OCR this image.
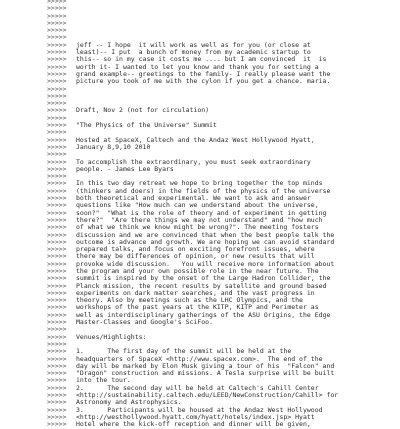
>>>>>
>>>>>
>>>>>
>>>>>
>>>>>
>>>>>
>>>>> jeff -- I hope  it will work as well as for you (or close at
>>>>> least)-- I put  a bunch of money from my academic startup to
>>>>> this-- so in my case it costs me .... but I am convinced  it  is
>>>>> worth it- I wanted to let you know and thank you for setting a
>>>>> grand example-- greetings to the family- I really please want the
>>>>> picture you took of me with the cylon if you get a chance. maria.
>>>>>
>>>>>
>>>>>
>>>>> Draft, Nov 2 (not for circulation)
>>>>>
>>>>> "The Physics of the Universe" Summit
>>>>>
>>>>> Hosted at SpaceX, Caltech and the Andaz West Hollywood Hyatt,
>>>>> January 8,9,10 2010
>>>>>
>>>>> To accomplish the extraordinary, you must seek extraordinary
>>>>> people. - James Lee Byars
>>>>>
>>>>> In this two day retreat we hope to bring together the top minds
>>>>> (thinkers and doers) in the fields of the physics of the universe
>>>>> both theoretical and experimental. We want to ask and answer
>>>>> questions like "How much can we understand about the universe,
>>>>> soon?"  "What is the role of theory and of experiment in getting
>>>>> there?"  "Are there things we may not understand" and "how much
>>>>> of what we think we know might be wrong?". The meeting fosters
>>>>> discussion and we are convinced that when the best people talk the
>>>>> outcome is advance and growth. We are hoping we can avoid standard
>>>>> prepared talks, and focus on exciting forefront issues, where
>>>>> there may be differences of opinion, or new results that will
>>>>> provoke wide discussion.   You will receive more information about
>>>>> the program and your own possible role in the near future. The
>>>>> summit is inspired by the onset of the Large Hadron Collider, the
>>>>> Planck mission, the recent results by satellite and ground based
>>>>> experiments on dark matter searches, and the vast progress in
>>>>> theory. Also by meetings such as the LHC Olympics, and the
>>>>> workshops of the past years at the KITP, KITP and Perimeter as
>>>>> well as interdisciplinary gatherings of the ASU Origins, the Edge
>>>>> Master-Classes and Google's SciFoo.
>>>>>
>>>>> Venues/Highlights:
>>>>>
>>>>> 1.      The first day of the summit will be held at the
>>>>> headquarters of SpaceX <http://www.spacex.com>.  The end of the
>>>>> day will be marked by Elon Musk giving a tour of his  "Falcon" and
>>>>> "Dragon" construction and missions. A Tesla surprise will be built
>>>>> into the tour.
>>>>> 2.      The second day will be held at Caltech's Cahill Center
>>>>> <http://sustainability.caltech.edu/LEED/NewConstruction/Cahill> for
>>>>> Astronomy and Astrophysics.
>>>>> 3.      Participants will be housed at the Andaz West Hollywood
>>>>> <http://westhollywood.hyatt.com/hyatt/hotels/index.jsp> Hyatt
>>>>> Hotel where the kick-off reception and dinner will be given,
